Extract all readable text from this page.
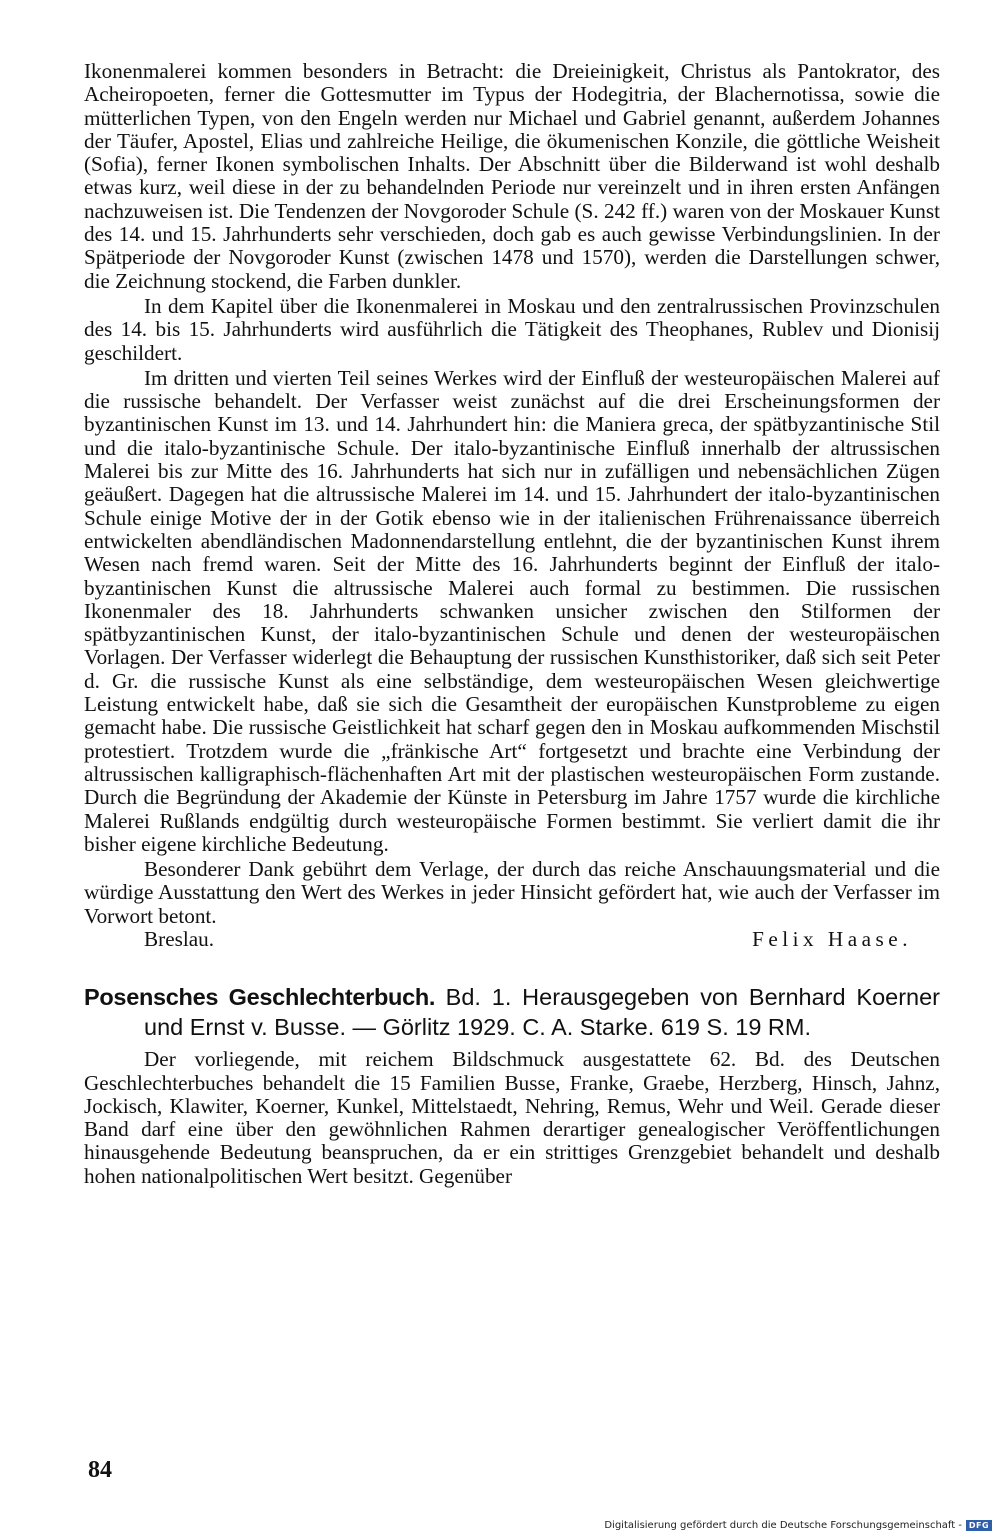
Ikonenmalerei kommen besonders in Betracht: die Dreieinigkeit, Christus als Pantokrator, des Acheiropoeten, ferner die Gottesmutter im Typus der Hodegitria, der Blachernotissa, sowie die mütterlichen Typen, von den Engeln werden nur Michael und Gabriel genannt, außerdem Johannes der Täufer, Apostel, Elias und zahlreiche Heilige, die ökumenischen Konzile, die göttliche Weisheit (Sofia), ferner Ikonen symbolischen Inhalts. Der Abschnitt über die Bilderwand ist wohl deshalb etwas kurz, weil diese in der zu behandelnden Periode nur vereinzelt und in ihren ersten Anfängen nachzuweisen ist. Die Tendenzen der Novgoroder Schule (S. 242 ff.) waren von der Moskauer Kunst des 14. und 15. Jahrhunderts sehr verschieden, doch gab es auch gewisse Verbindungslinien. In der Spätperiode der Novgoroder Kunst (zwischen 1478 und 1570), werden die Darstellungen schwer, die Zeichnung stockend, die Farben dunkler.

In dem Kapitel über die Ikonenmalerei in Moskau und den zentralrussischen Provinzschulen des 14. bis 15. Jahrhunderts wird ausführlich die Tätigkeit des Theophanes, Rublev und Dionisij geschildert.

Im dritten und vierten Teil seines Werkes wird der Einfluß der westeuropäischen Malerei auf die russische behandelt. Der Verfasser weist zunächst auf die drei Erscheinungsformen der byzantinischen Kunst im 13. und 14. Jahrhundert hin: die Maniera greca, der spätbyzantinische Stil und die italo-byzantinische Schule. Der italo-byzantinische Einfluß innerhalb der altrussischen Malerei bis zur Mitte des 16. Jahrhunderts hat sich nur in zufälligen und nebensächlichen Zügen geäußert. Dagegen hat die altrussische Malerei im 14. und 15. Jahrhundert der italo-byzantinischen Schule einige Motive der in der Gotik ebenso wie in der italienischen Frührenaissance überreich entwickelten abendländischen Madonnendarstellung entlehnt, die der byzantinischen Kunst ihrem Wesen nach fremd waren. Seit der Mitte des 16. Jahrhunderts beginnt der Einfluß der italo-byzantinischen Kunst die altrussische Malerei auch formal zu bestimmen. Die russischen Ikonenmaler des 18. Jahrhunderts schwanken unsicher zwischen den Stilformen der spätbyzantinischen Kunst, der italo-byzantinischen Schule und denen der westeuropäischen Vorlagen. Der Verfasser widerlegt die Behauptung der russischen Kunsthistoriker, daß sich seit Peter d. Gr. die russische Kunst als eine selbständige, dem westeuropäischen Wesen gleichwertige Leistung entwickelt habe, daß sie sich die Gesamtheit der europäischen Kunstprobleme zu eigen gemacht habe. Die russische Geistlichkeit hat scharf gegen den in Moskau aufkommenden Mischstil protestiert. Trotzdem wurde die „fränkische Art“ fortgesetzt und brachte eine Verbindung der altrussischen kalligraphisch-flächenhaften Art mit der plastischen westeuropäischen Form zustande. Durch die Begründung der Akademie der Künste in Petersburg im Jahre 1757 wurde die kirchliche Malerei Rußlands endgültig durch westeuropäische Formen bestimmt. Sie verliert damit die ihr bisher eigene kirchliche Bedeutung.

Besonderer Dank gebührt dem Verlage, der durch das reiche Anschauungsmaterial und die würdige Ausstattung den Wert des Werkes in jeder Hinsicht gefördert hat, wie auch der Verfasser im Vorwort betont.

Breslau.	Felix Haase.
Posensches Geschlechterbuch. Bd. 1. Herausgegeben von Bernhard Koerner und Ernst v. Busse. — Görlitz 1929. C. A. Starke. 619 S. 19 RM.

Der vorliegende, mit reichem Bildschmuck ausgestattete 62. Bd. des Deutschen Geschlechterbuches behandelt die 15 Familien Busse, Franke, Graebe, Herzberg, Hinsch, Jahnz, Jockisch, Klawiter, Koerner, Kunkel, Mittelstaedt, Nehring, Remus, Wehr und Weil. Gerade dieser Band darf eine über den gewöhnlichen Rahmen derartiger genealogischer Veröffentlichungen hinausgehende Bedeutung beanspruchen, da er ein strittiges Grenzgebiet behandelt und deshalb hohen nationalpolitischen Wert besitzt. Gegenüber

84
Digitalisierung gefördert durch die Deutsche Forschungsgemeinschaft - DFG
